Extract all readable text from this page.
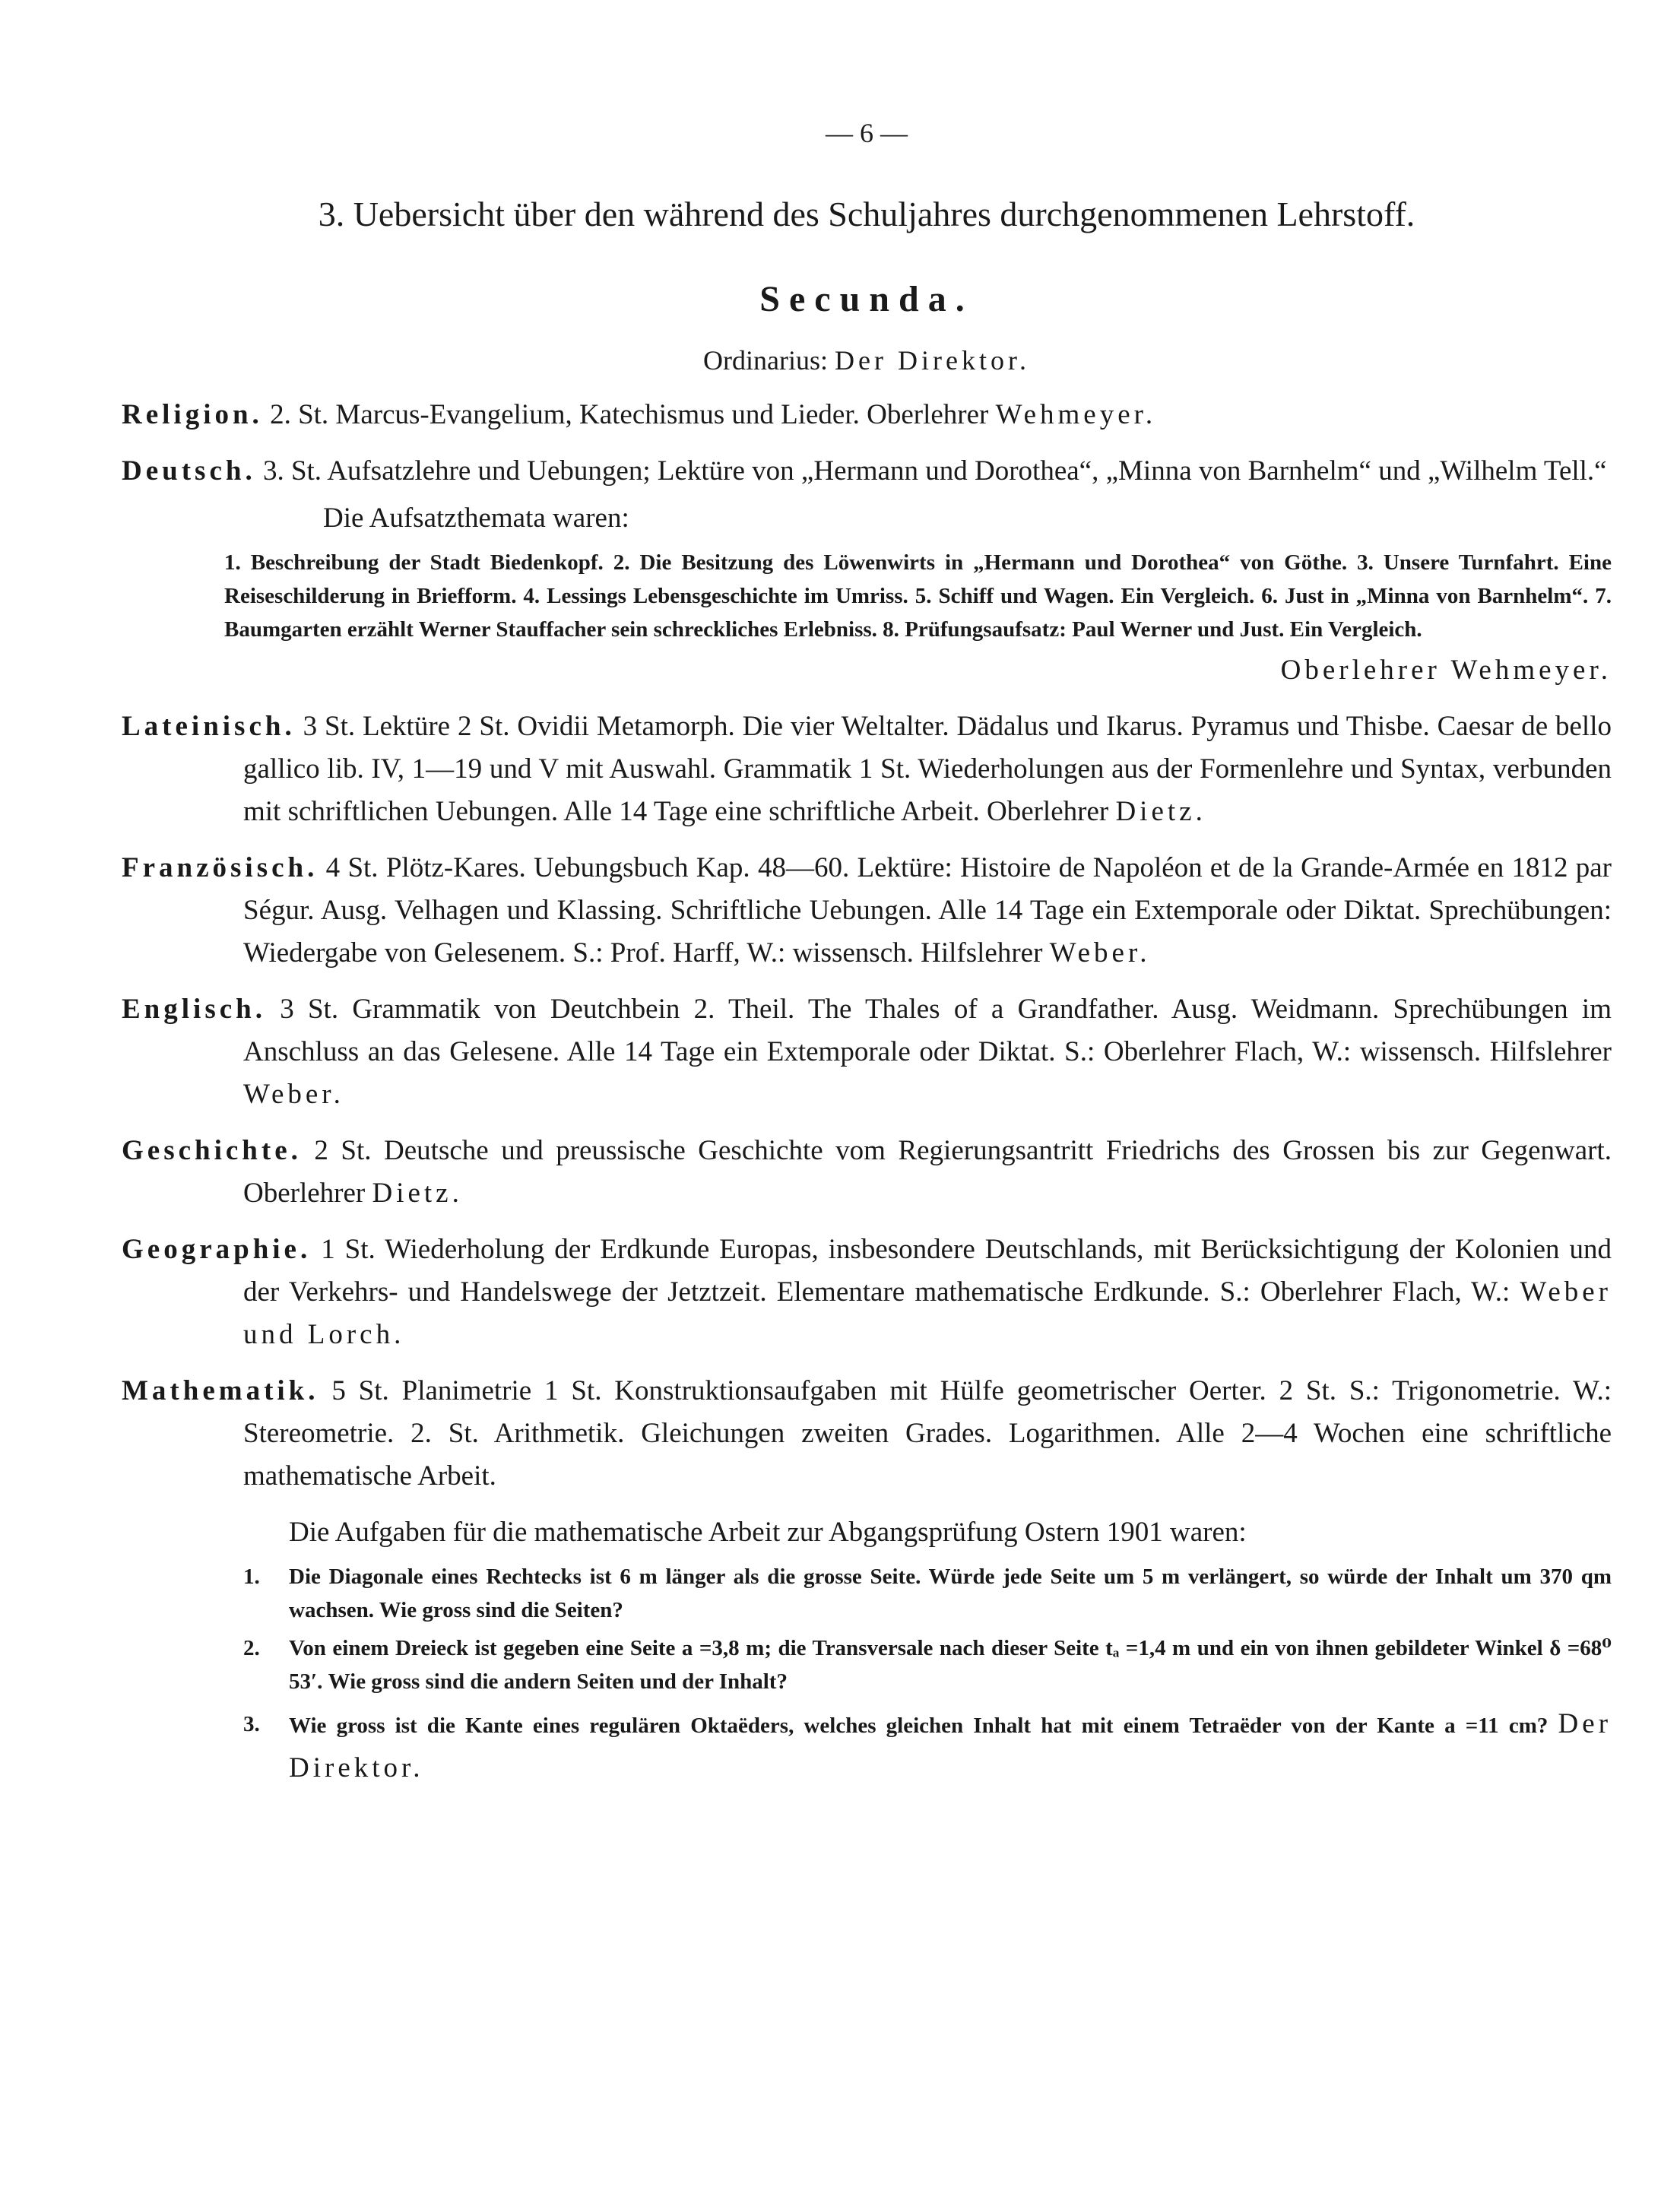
— 6 —
3. Uebersicht über den während des Schuljahres durchgenommenen Lehrstoff.
Secunda.
Ordinarius: Der Direktor.
Religion. 2. St. Marcus-Evangelium, Katechismus und Lieder. Oberlehrer Wehmeyer.
Deutsch. 3. St. Aufsatzlehre und Uebungen; Lektüre von „Hermann und Dorothea“, „Minna von Barnhelm“ und „Wilhelm Tell.“
Die Aufsatzthemata waren:
1. Beschreibung der Stadt Biedenkopf. 2. Die Besitzung des Löwenwirts in „Hermann und Dorothea“ von Göthe. 3. Unsere Turnfahrt. Eine Reiseschilderung in Briefform. 4. Lessings Lebensgeschichte im Umriss. 5. Schiff und Wagen. Ein Vergleich. 6. Just in „Minna von Barnhelm“. 7. Baumgarten erzählt Werner Stauffacher sein schreckliches Erlebniss. 8. Prüfungsaufsatz: Paul Werner und Just. Ein Vergleich.
Oberlehrer Wehmeyer.
Lateinisch. 3 St. Lektüre 2 St. Ovidii Metamorph. Die vier Weltalter. Dädalus und Ikarus. Pyramus und Thisbe. Caesar de bello gallico lib. IV, 1—19 und V mit Auswahl. Grammatik 1 St. Wiederholungen aus der Formenlehre und Syntax, verbunden mit schriftlichen Uebungen. Alle 14 Tage eine schriftliche Arbeit. Oberlehrer Dietz.
Französisch. 4 St. Plötz-Kares. Uebungsbuch Kap. 48—60. Lektüre: Histoire de Napoléon et de la Grande-Armée en 1812 par Ségur. Ausg. Velhagen und Klassing. Schriftliche Uebungen. Alle 14 Tage ein Extemporale oder Diktat. Sprechübungen: Wiedergabe von Gelesenem. S.: Prof. Harff, W.: wissensch. Hilfslehrer Weber.
Englisch. 3 St. Grammatik von Deutchbein 2. Theil. The Thales of a Grandfather. Ausg. Weidmann. Sprechübungen im Anschluss an das Gelesene. Alle 14 Tage ein Extemporale oder Diktat. S.: Oberlehrer Flach, W.: wissensch. Hilfslehrer Weber.
Geschichte. 2 St. Deutsche und preussische Geschichte vom Regierungsantritt Friedrichs des Grossen bis zur Gegenwart. Oberlehrer Dietz.
Geographie. 1 St. Wiederholung der Erdkunde Europas, insbesondere Deutschlands, mit Berücksichtigung der Kolonien und der Verkehrs- und Handelswege der Jetztzeit. Elementare mathematische Erdkunde. S.: Oberlehrer Flach, W.: Weber und Lorch.
Mathematik. 5 St. Planimetrie 1 St. Konstruktionsaufgaben mit Hülfe geometrischer Oerter. 2 St. S.: Trigonometrie. W.: Stereometrie. 2. St. Arithmetik. Gleichungen zweiten Grades. Logarithmen. Alle 2—4 Wochen eine schriftliche mathematische Arbeit.
Die Aufgaben für die mathematische Arbeit zur Abgangsprüfung Ostern 1901 waren:
1. Die Diagonale eines Rechtecks ist 6 m länger als die grosse Seite. Würde jede Seite um 5 m verlängert, so würde der Inhalt um 370 qm wachsen. Wie gross sind die Seiten?
2. Von einem Dreieck ist gegeben eine Seite a =3,8 m; die Transversale nach dieser Seite tₐ =1,4 m und ein von ihnen gebildeter Winkel δ =68⁰ 53′. Wie gross sind die andern Seiten und der Inhalt?
3. Wie gross ist die Kante eines regulären Oktaëders, welches gleichen Inhalt hat mit einem Tetraëder von der Kante a =11 cm? Der Direktor.
